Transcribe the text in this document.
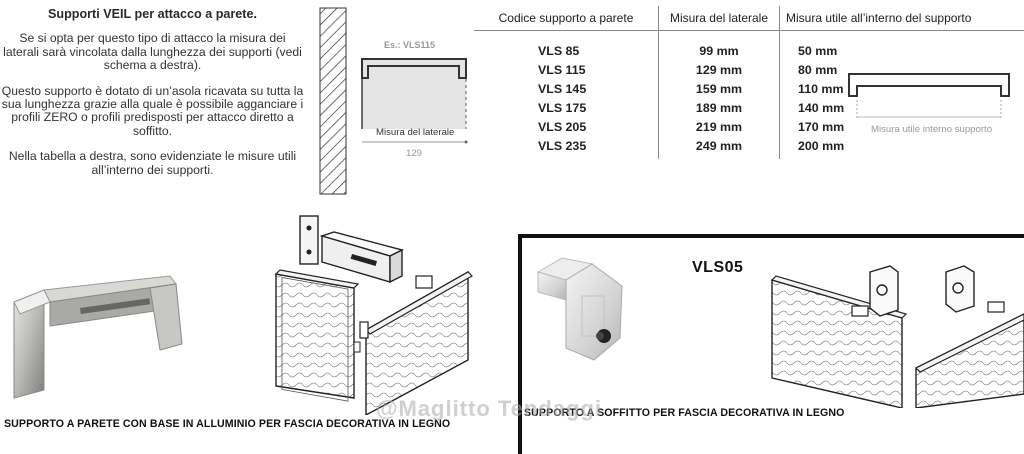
Supporti VEIL per attacco a parete.

Se si opta per questo tipo di attacco la misura dei laterali sarà vincolata dalla lunghezza dei supporti (vedi schema a destra).

Questo supporto è dotato di un’asola ricavata su tutta la sua lunghezza grazie alla quale è possibile agganciare i profili ZERO o profili predisposti per attacco diretto a soffitto.

Nella tabella a destra, sono evidenziate le misure utili all’interno dei supporti.

Es.: VLS115
Misura del laterale
129
Codice supporto a parete	Misura del laterale	Misura utile all’interno del supporto
VLS 85	99 mm	50 mm
VLS 115	129 mm	80 mm
VLS 145	159 mm	110 mm
VLS 175	189 mm	140 mm
VLS 205	219 mm	170 mm
VLS 235	249 mm	200 mm
Misura utile interno supporto
VLS05
SUPPORTO A SOFFITTO PER FASCIA DECORATIVA IN LEGNO
SUPPORTO A PARETE CON BASE IN ALLUMINIO PER FASCIA DECORATIVA IN LEGNO
@Maglitto Tendaggi
